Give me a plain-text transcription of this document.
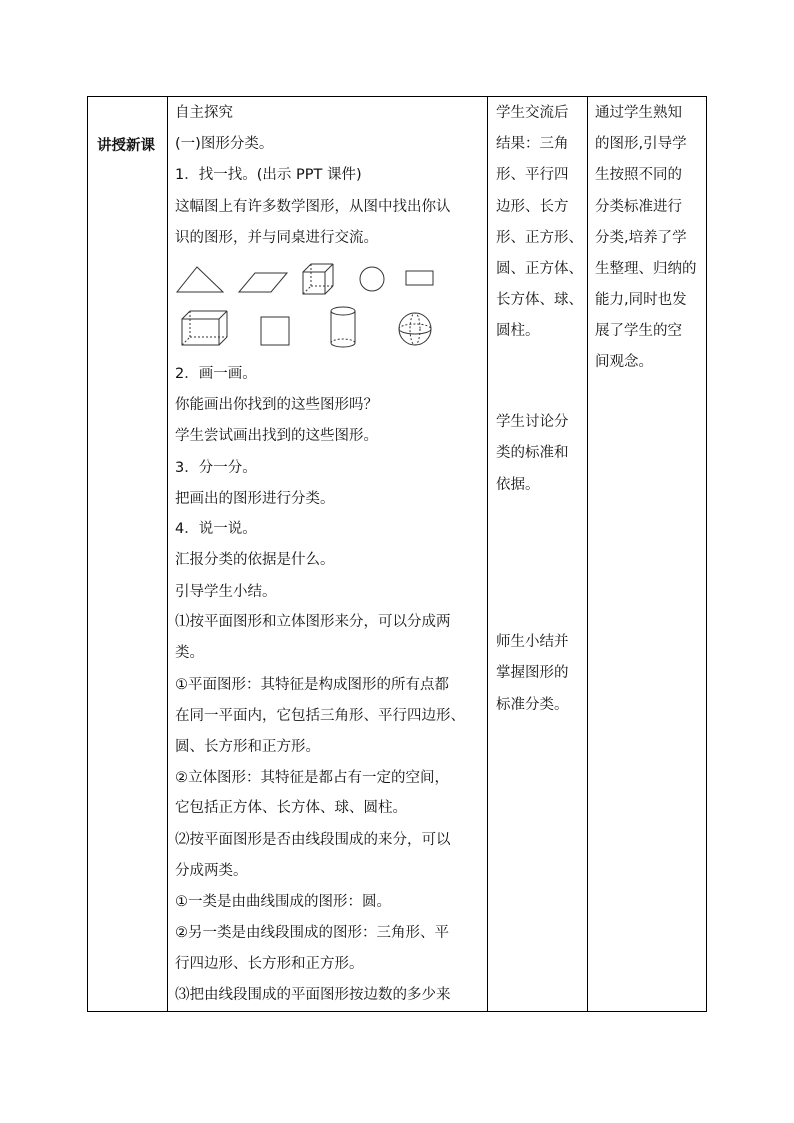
讲授新课
自主探究
(一)图形分类。
1．找一找。(出示 PPT 课件)
这幅图上有许多数学图形，从图中找出你认
识的图形，并与同桌进行交流。
2．画一画。
你能画出你找到的这些图形吗？
学生尝试画出找到的这些图形。
3．分一分。
把画出的图形进行分类。
4．说一说。
汇报分类的依据是什么。
引导学生小结。
⑴按平面图形和立体图形来分，可以分成两
类。
①平面图形：其特征是构成图形的所有点都
在同一平面内，它包括三角形、平行四边形、
圆、长方形和正方形。
②立体图形：其特征是都占有一定的空间，
它包括正方体、长方体、球、圆柱。
⑵按平面图形是否由线段围成的来分，可以
分成两类。
①一类是由曲线围成的图形：圆。
②另一类是由线段围成的图形：三角形、平
行四边形、长方形和正方形。
⑶把由线段围成的平面图形按边数的多少来
学生交流后
结果：三角
形、平行四
边形、长方
形、正方形、
圆、正方体、
长方体、球、
圆柱。
学生讨论分
类的标准和
依据。
师生小结并
掌握图形的
标准分类。
通过学生熟知
的图形,引导学
生按照不同的
分类标准进行
分类,培养了学
生整理、归纳的
能力,同时也发
展了学生的空
间观念。
